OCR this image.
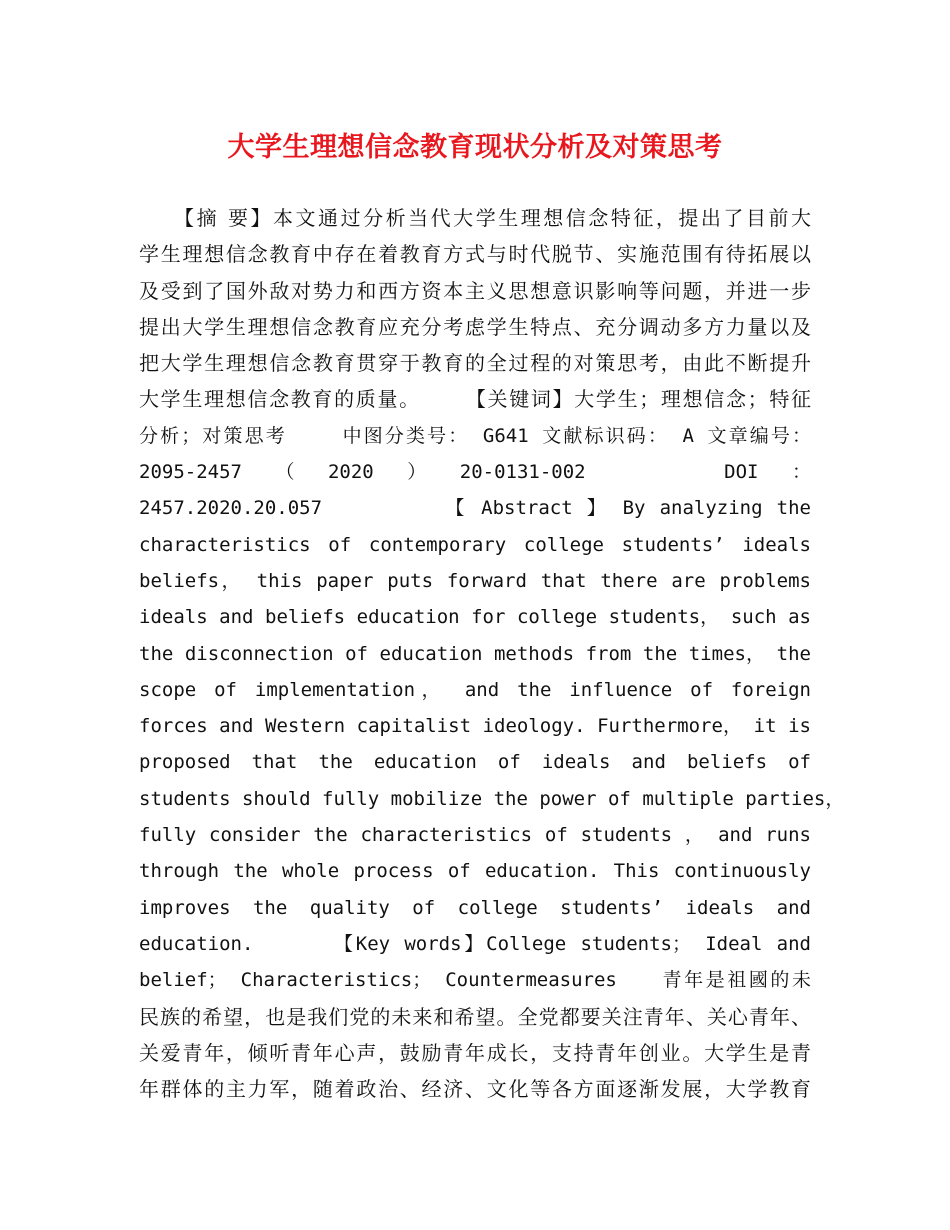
大学生理想信念教育现状分析及对策思考
　　【摘 要】本文通过分析当代大学生理想信念特征，提出了目前大
学生理想信念教育中存在着教育方式与时代脱节、实施范围有待拓展以
及受到了国外敌对势力和西方资本主义思想意识影响等问题，并进一步
提出大学生理想信念教育应充分考虑学生特点、充分调动多方力量以及
把大学生理想信念教育贯穿于教育的全过程的对策思考，由此不断提升
大学生理想信念教育的质量。　　　【关键词】大学生；理想信念；特征
分析；对策思考　　 中图分类号： G641 文献标识码： A 文章编号：
2095-2457（2020）20-0131-002　　DOI：
2457.2020.20.057　　　　　　【 Abstract 】 By analyzing the
characteristics of contemporary college students’ ideals
beliefs， this paper puts forward that there are problems
ideals and beliefs education for college students， such as
the disconnection of education methods from the times， the
scope of implementation， and the influence of foreign
forces and Western capitalist ideology. Furthermore， it is
proposed that the education of ideals and beliefs of
students should fully mobilize the power of multiple parties，
fully consider the characteristics of students ， and runs
through the whole process of education. This continuously
improves the quality of college students’ ideals and
education.　　　　【Key words】College students； Ideal and
belief； Characteristics； Countermeasures　　青年是祖國的未
民族的希望，也是我们党的未来和希望。全党都要关注青年、关心青年、
关爱青年，倾听青年心声，鼓励青年成长，支持青年创业。大学生是青
年群体的主力军，随着政治、经济、文化等各方面逐渐发展，大学教育
